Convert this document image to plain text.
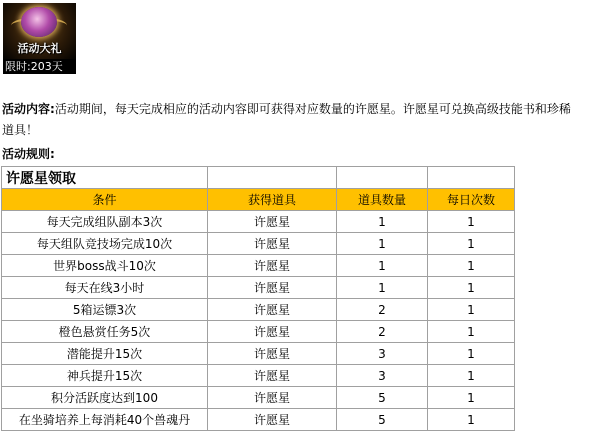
活动大礼
限时:203天
活动内容:活动期间，每天完成相应的活动内容即可获得对应数量的许愿星。许愿星可兑换高级技能书和珍稀道具！
活动规则:
许愿星领取			
条件	获得道具	道具数量	每日次数
每天完成组队副本3次	许愿星	1	1
每天组队竞技场完成10次	许愿星	1	1
世界boss战斗10次	许愿星	1	1
每天在线3小时	许愿星	1	1
5箱运镖3次	许愿星	2	1
橙色悬赏任务5次	许愿星	2	1
潜能提升15次	许愿星	3	1
神兵提升15次	许愿星	3	1
积分活跃度达到100	许愿星	5	1
在坐骑培养上每消耗40个兽魂丹	许愿星	5	1
